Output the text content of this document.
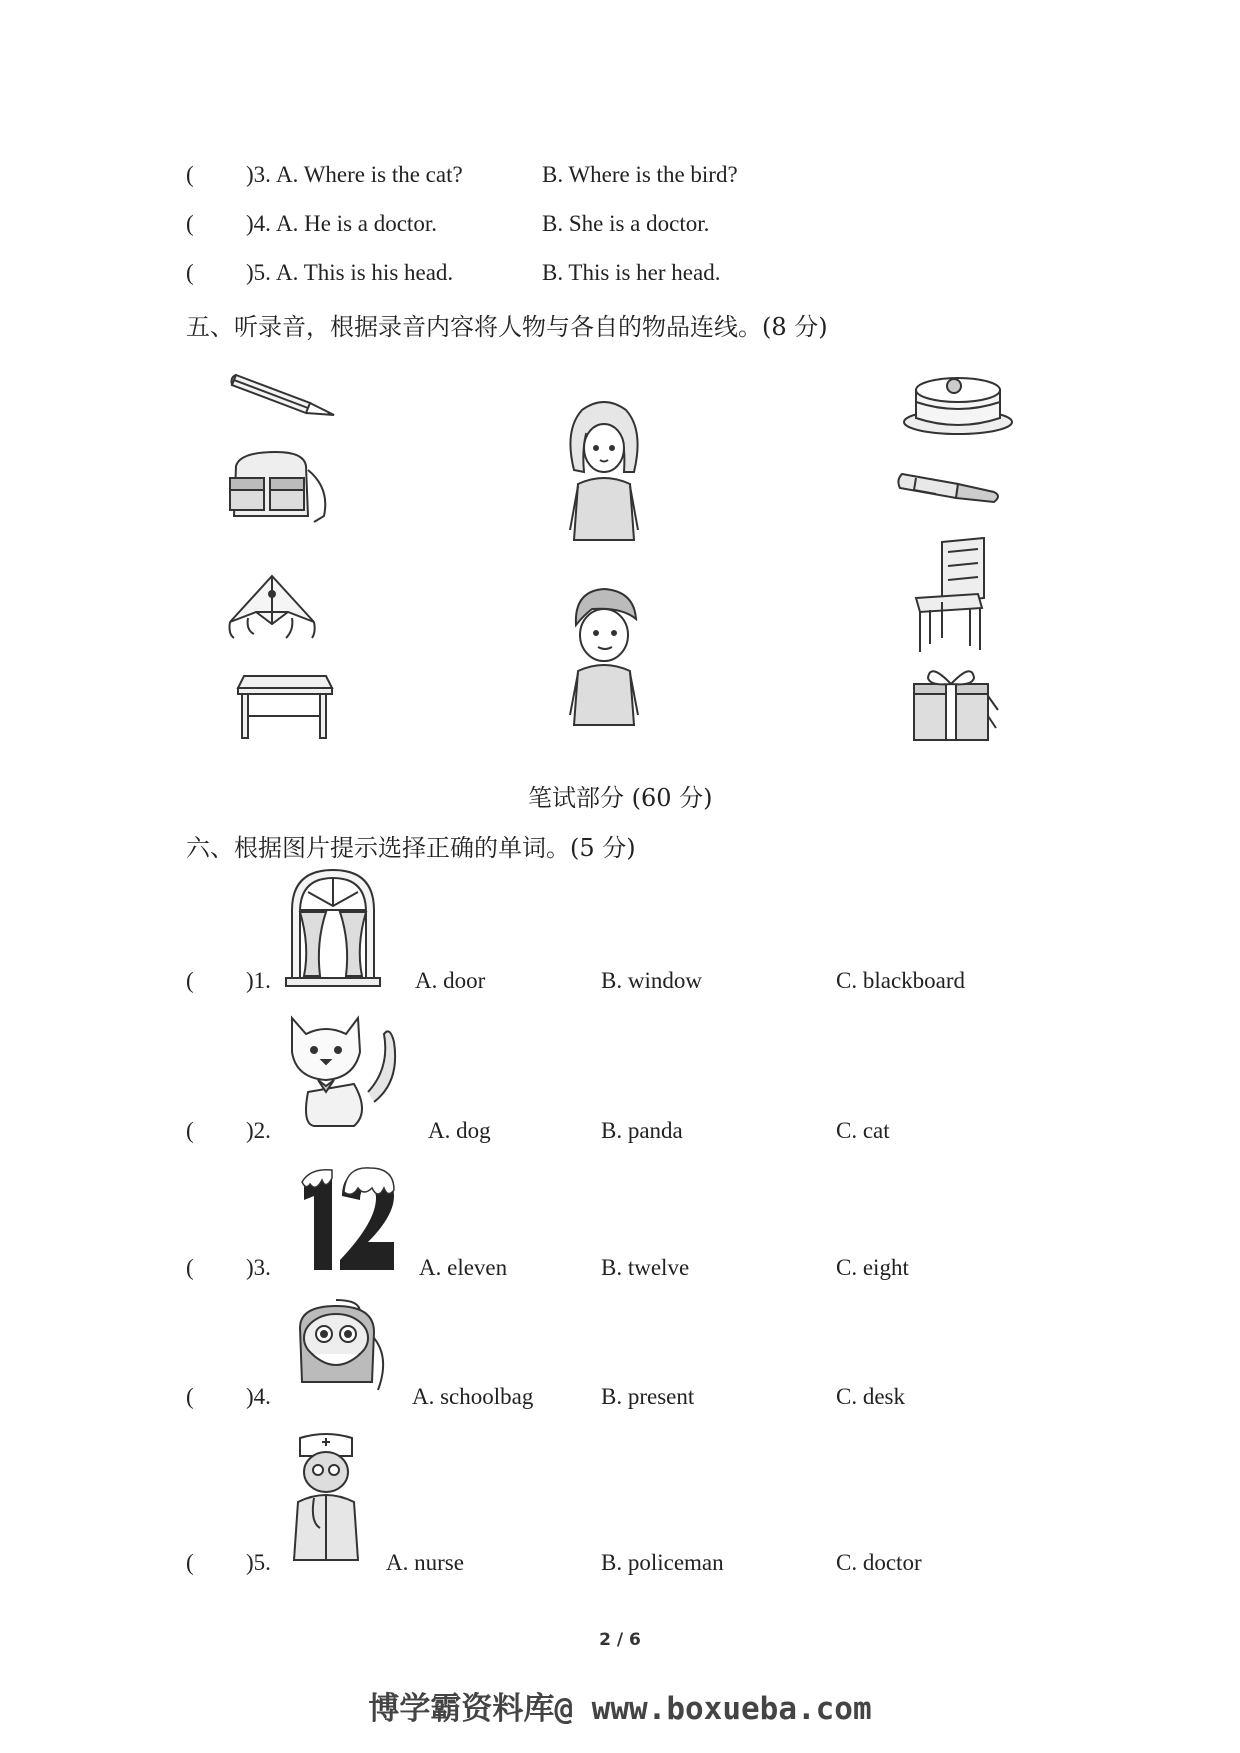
( )3. A. Where is the cat?	B. Where is the bird?
( )4. A. He is a doctor.	B. She is a doctor.
( )5. A. This is his head.	B. This is her head.
五、听录音，根据录音内容将人物与各自的物品连线。(8 分)
笔试部分 (60 分)
六、根据图片提示选择正确的单词。(5 分)
( )1.	A. door	B. window	C. blackboard
( )2.	A. dog	B. panda	C. cat
( )3.	A. eleven	B. twelve	C. eight
( )4.	A. schoolbag	B. present	C. desk
( )5.	A. nurse	B. policeman	C. doctor
2 / 6
博学霸资料库@ www.boxueba.com
